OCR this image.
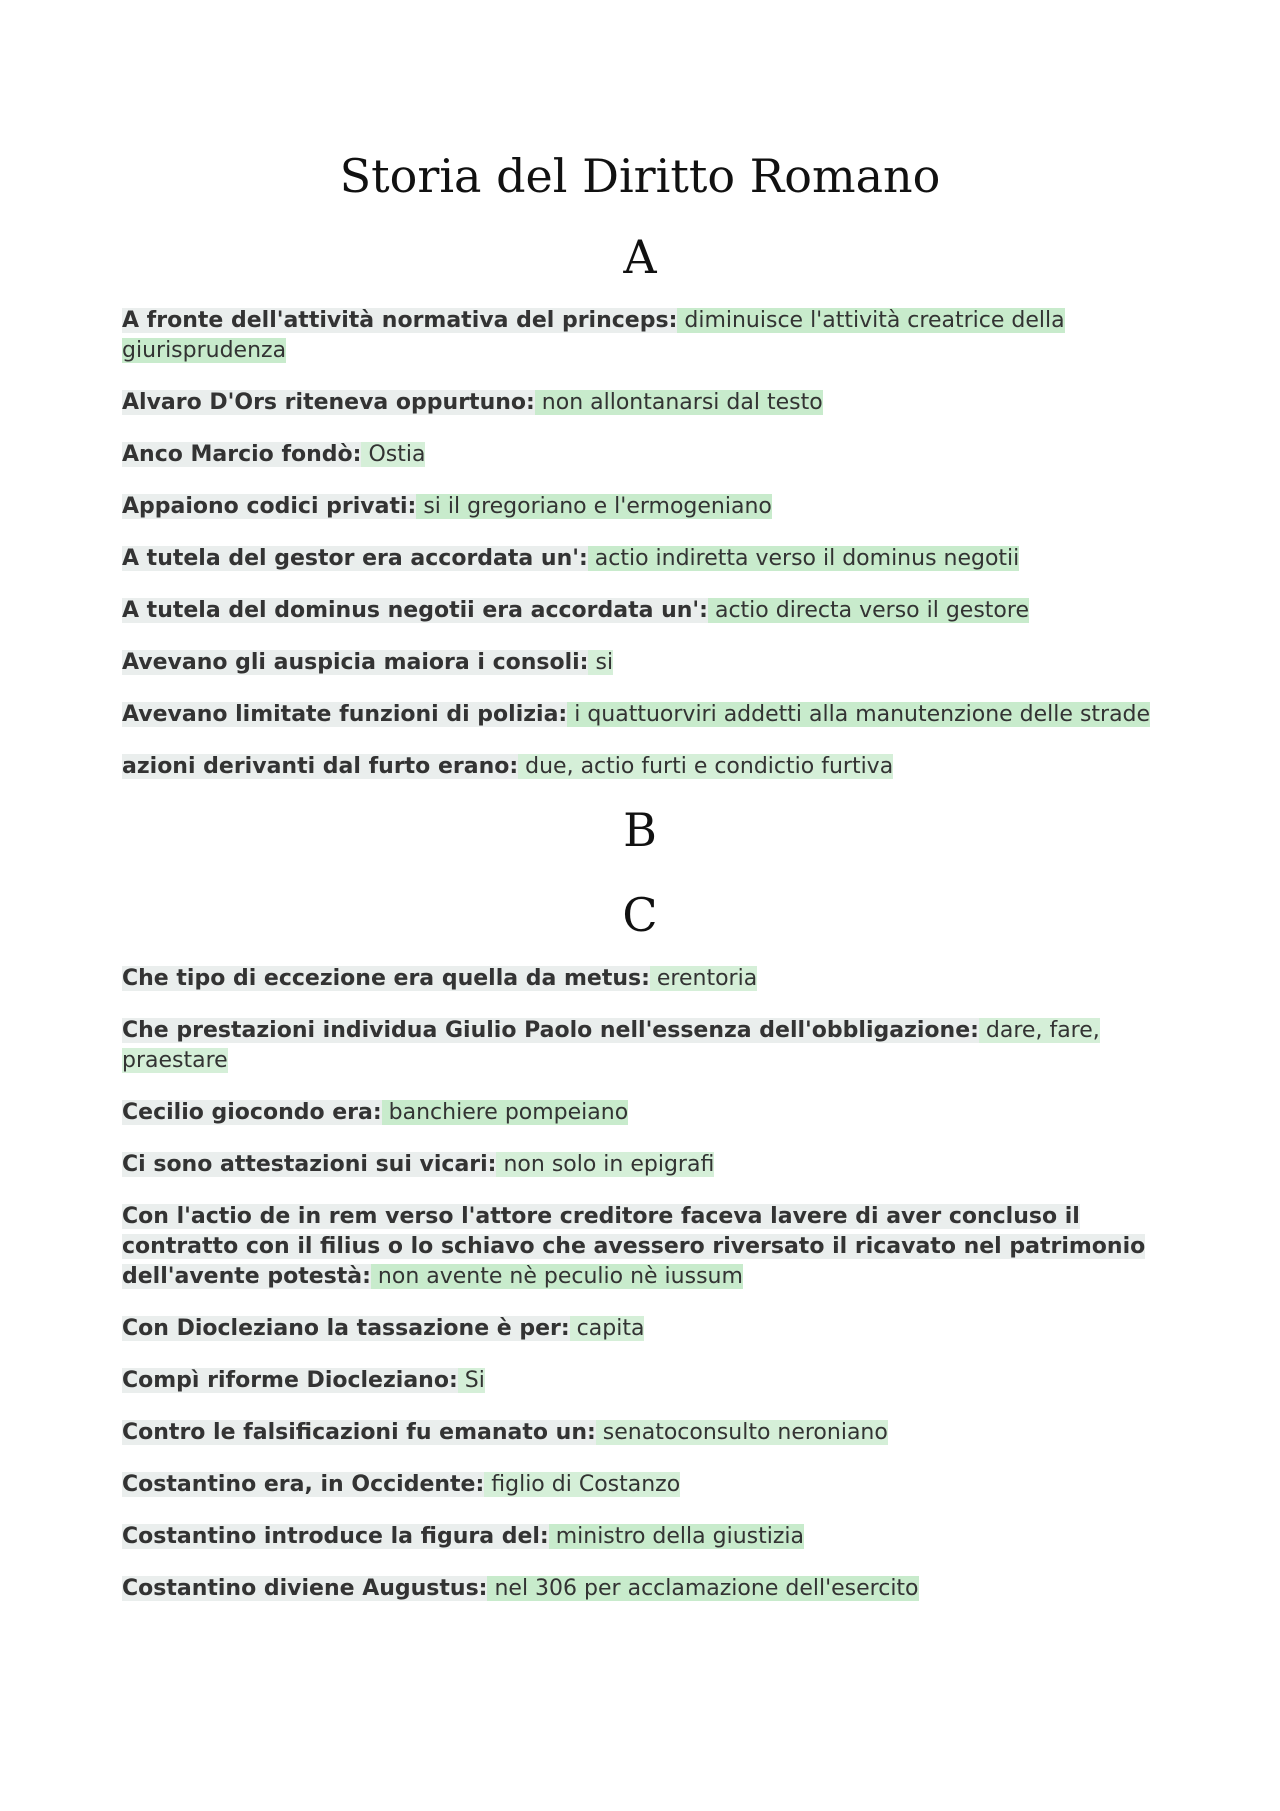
Storia del Diritto Romano
A

A fronte dell'attività normativa del princeps: diminuisce l'attività creatrice della giurisprudenza

Alvaro D'Ors riteneva oppurtuno: non allontanarsi dal testo

Anco Marcio fondò: Ostia

Appaiono codici privati: si il gregoriano e l'ermogeniano

A tutela del gestor era accordata un': actio indiretta verso il dominus negotii

A tutela del dominus negotii era accordata un': actio directa verso il gestore

Avevano gli auspicia maiora i consoli: si

Avevano limitate funzioni di polizia: i quattuorviri addetti alla manutenzione delle strade

azioni derivanti dal furto erano: due, actio furti e condictio furtiva

B
C

Che tipo di eccezione era quella da metus: erentoria

Che prestazioni individua Giulio Paolo nell'essenza dell'obbligazione: dare, fare, praestare

Cecilio giocondo era: banchiere pompeiano

Ci sono attestazioni sui vicari: non solo in epigrafi

Con l'actio de in rem verso l'attore creditore faceva lavere di aver concluso il contratto con il filius o lo schiavo che avessero riversato il ricavato nel patrimonio dell'avente potestà: non avente nè peculio nè iussum

Con Diocleziano la tassazione è per: capita

Compì riforme Diocleziano: Si

Contro le falsificazioni fu emanato un: senatoconsulto neroniano

Costantino era, in Occidente: figlio di Costanzo

Costantino introduce la figura del: ministro della giustizia

Costantino diviene Augustus: nel 306 per acclamazione dell'esercito
